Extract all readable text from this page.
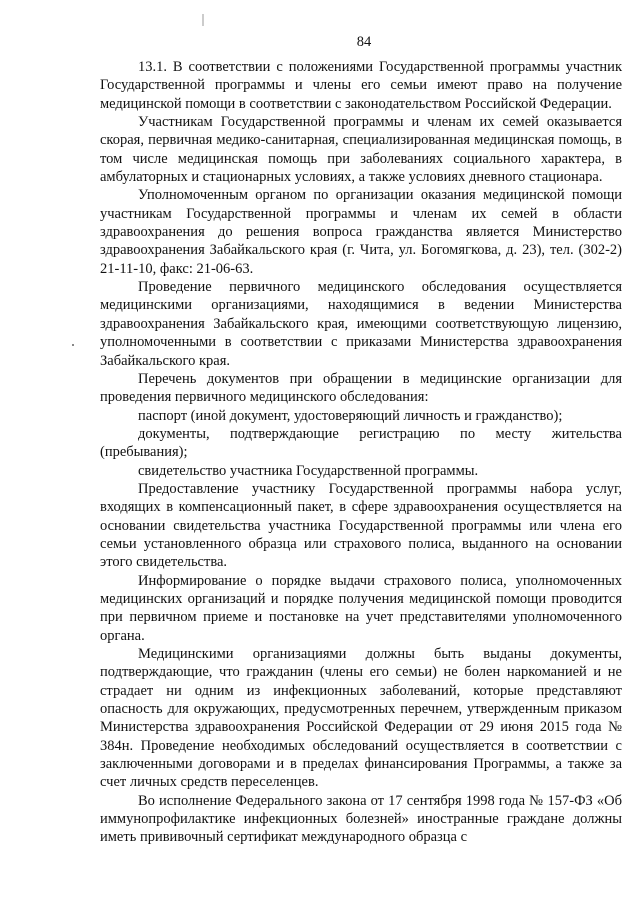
84

13.1. В соответствии с положениями Государственной программы участник Государственной программы и члены его семьи имеют право на получение медицинской помощи в соответствии с законодательством Российской Федерации.

Участникам Государственной программы и членам их семей оказывается скорая, первичная медико-санитарная, специализированная медицинская помощь, в том числе медицинская помощь при заболеваниях социального характера, в амбулаторных и стационарных условиях, а также условиях дневного стационара.

Уполномоченным органом по организации оказания медицинской помощи участникам Государственной программы и членам их семей в области здравоохранения до решения вопроса гражданства является Министерство здравоохранения Забайкальского края (г. Чита, ул. Богомягкова, д. 23), тел. (302-2) 21-11-10, факс: 21-06-63.

Проведение первичного медицинского обследования осуществляется медицинскими организациями, находящимися в ведении Министерства здравоохранения Забайкальского края, имеющими соответствующую лицензию, уполномоченными в соответствии с приказами Министерства здравоохранения Забайкальского края.

Перечень документов при обращении в медицинские организации для проведения первичного медицинского обследования:

паспорт (иной документ, удостоверяющий личность и гражданство);

документы, подтверждающие регистрацию по месту жительства (пребывания);

свидетельство участника Государственной программы.

Предоставление участнику Государственной программы набора услуг, входящих в компенсационный пакет, в сфере здравоохранения осуществляется на основании свидетельства участника Государственной программы или члена его семьи установленного образца или страхового полиса, выданного на основании этого свидетельства.

Информирование о порядке выдачи страхового полиса, уполномоченных медицинских организаций и порядке получения медицинской помощи проводится при первичном приеме и постановке на учет представителями уполномоченного органа.

Медицинскими организациями должны быть выданы документы, подтверждающие, что гражданин (члены его семьи) не болен наркоманией и не страдает ни одним из инфекционных заболеваний, которые представляют опасность для окружающих, предусмотренных перечнем, утвержденным приказом Министерства здравоохранения Российской Федерации от 29 июня 2015 года № 384н. Проведение необходимых обследований осуществляется в соответствии с заключенными договорами и в пределах финансирования Программы, а также за счет личных средств переселенцев.

Во исполнение Федерального закона от 17 сентября 1998 года № 157-ФЗ «Об иммунопрофилактике инфекционных болезней» иностранные граждане должны иметь прививочный сертификат международного образца с
